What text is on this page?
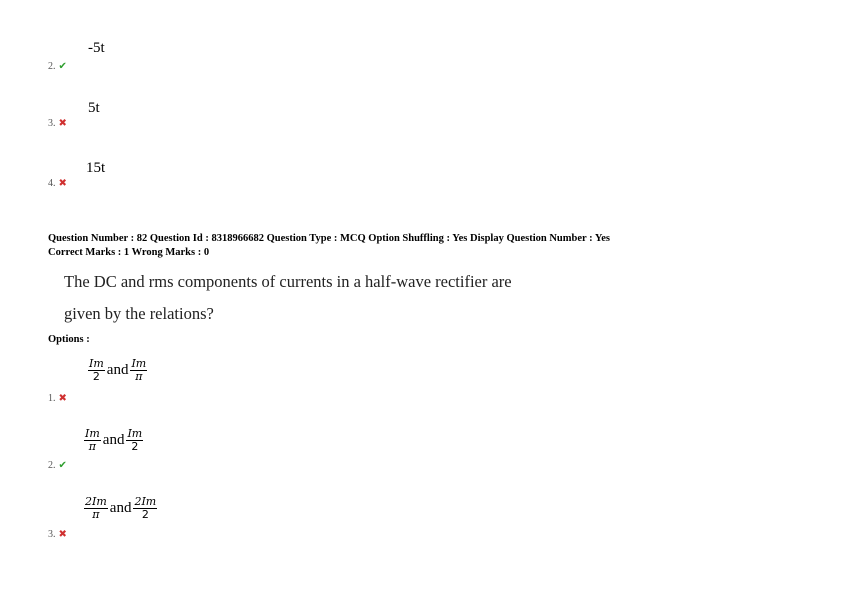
-5t
2. ✔
5t
3. ✖
15t
4. ✖
Question Number : 82 Question Id : 8318966682 Question Type : MCQ Option Shuffling : Yes Display Question Number : Yes
Correct Marks : 1 Wrong Marks : 0
The DC and rms components of currents in a half-wave rectifier are
given by the relations?
Options :
$\frac{Im}{2}$ and $\frac{Im}{\pi}$
1. ✖
$\frac{Im}{\pi}$ and $\frac{Im}{2}$
2. ✔
$\frac{2Im}{\pi}$ and $\frac{2Im}{2}$
3. ✖
